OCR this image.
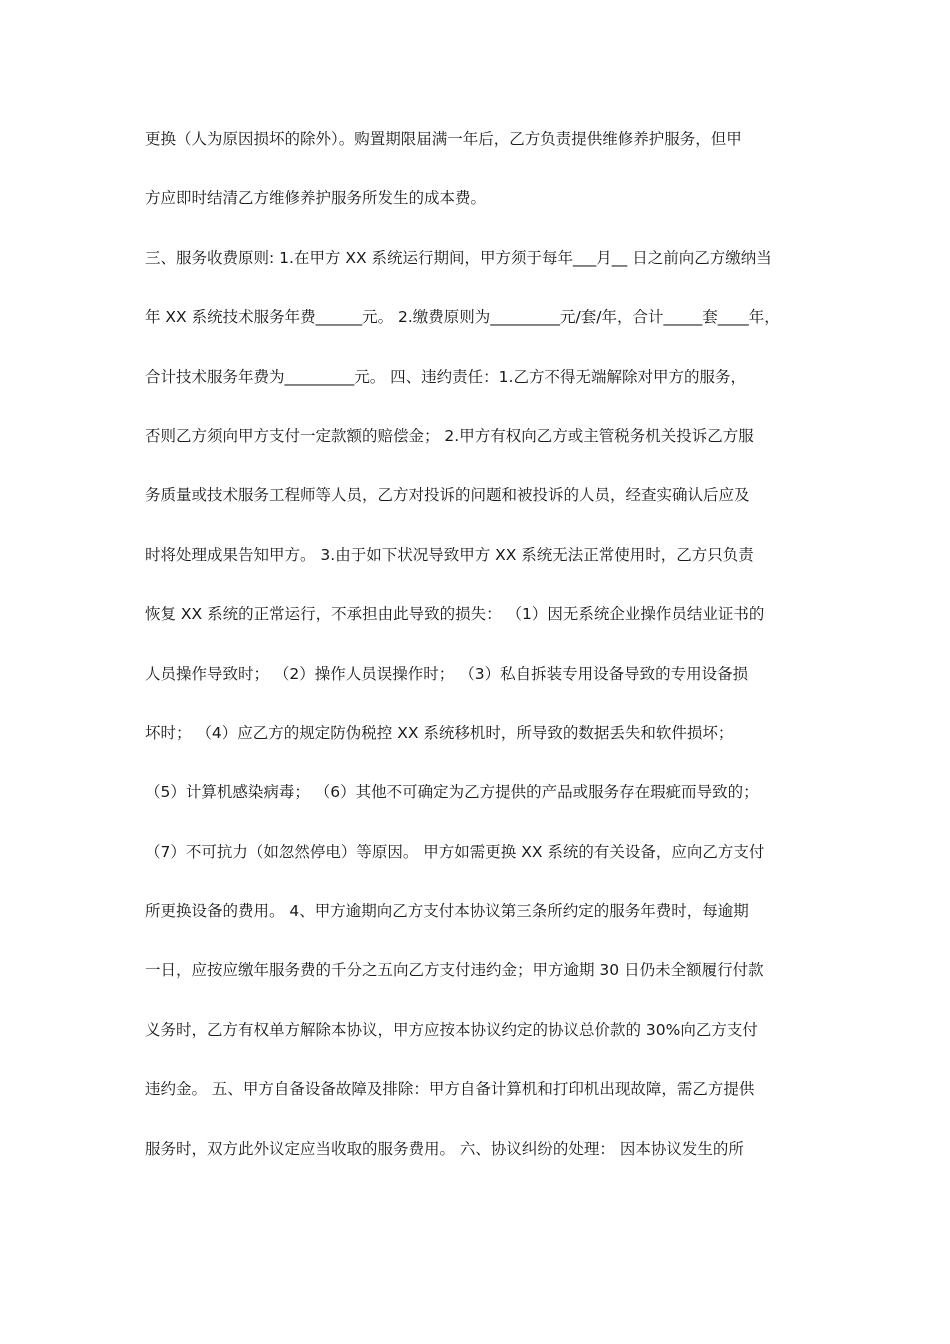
更换（人为原因损坏的除外）。购置期限届满一年后，乙方负责提供维修养护服务，但甲
方应即时结清乙方维修养护服务所发生的成本费。
三、服务收费原则: 1.在甲方 XX 系统运行期间，甲方须于每年___月__ 日之前向乙方缴纳当
年 XX 系统技术服务年费______元。 2.缴费原则为_________元/套/年，合计_____套____年，
合计技术服务年费为_________元。 四、违约责任：1.乙方不得无端解除对甲方的服务，
否则乙方须向甲方支付一定款额的赔偿金； 2.甲方有权向乙方或主管税务机关投诉乙方服
务质量或技术服务工程师等人员，乙方对投诉的问题和被投诉的人员，经查实确认后应及
时将处理成果告知甲方。 3.由于如下状况导致甲方 XX 系统无法正常使用时，乙方只负责
恢复 XX 系统的正常运行，不承担由此导致的损失： （1）因无系统企业操作员结业证书的
人员操作导致时； （2）操作人员误操作时； （3）私自拆装专用设备导致的专用设备损
坏时； （4）应乙方的规定防伪税控 XX 系统移机时，所导致的数据丢失和软件损坏；
（5）计算机感染病毒； （6）其他不可确定为乙方提供的产品或服务存在瑕疵而导致的；
（7）不可抗力（如忽然停电）等原因。 甲方如需更换 XX 系统的有关设备，应向乙方支付
所更换设备的费用。 4、甲方逾期向乙方支付本协议第三条所约定的服务年费时，每逾期
一日，应按应缴年服务费的千分之五向乙方支付违约金；甲方逾期 30 日仍未全额履行付款
义务时，乙方有权单方解除本协议，甲方应按本协议约定的协议总价款的 30%向乙方支付
违约金。 五、甲方自备设备故障及排除：甲方自备计算机和打印机出现故障，需乙方提供
服务时，双方此外议定应当收取的服务费用。 六、协议纠纷的处理： 因本协议发生的所
